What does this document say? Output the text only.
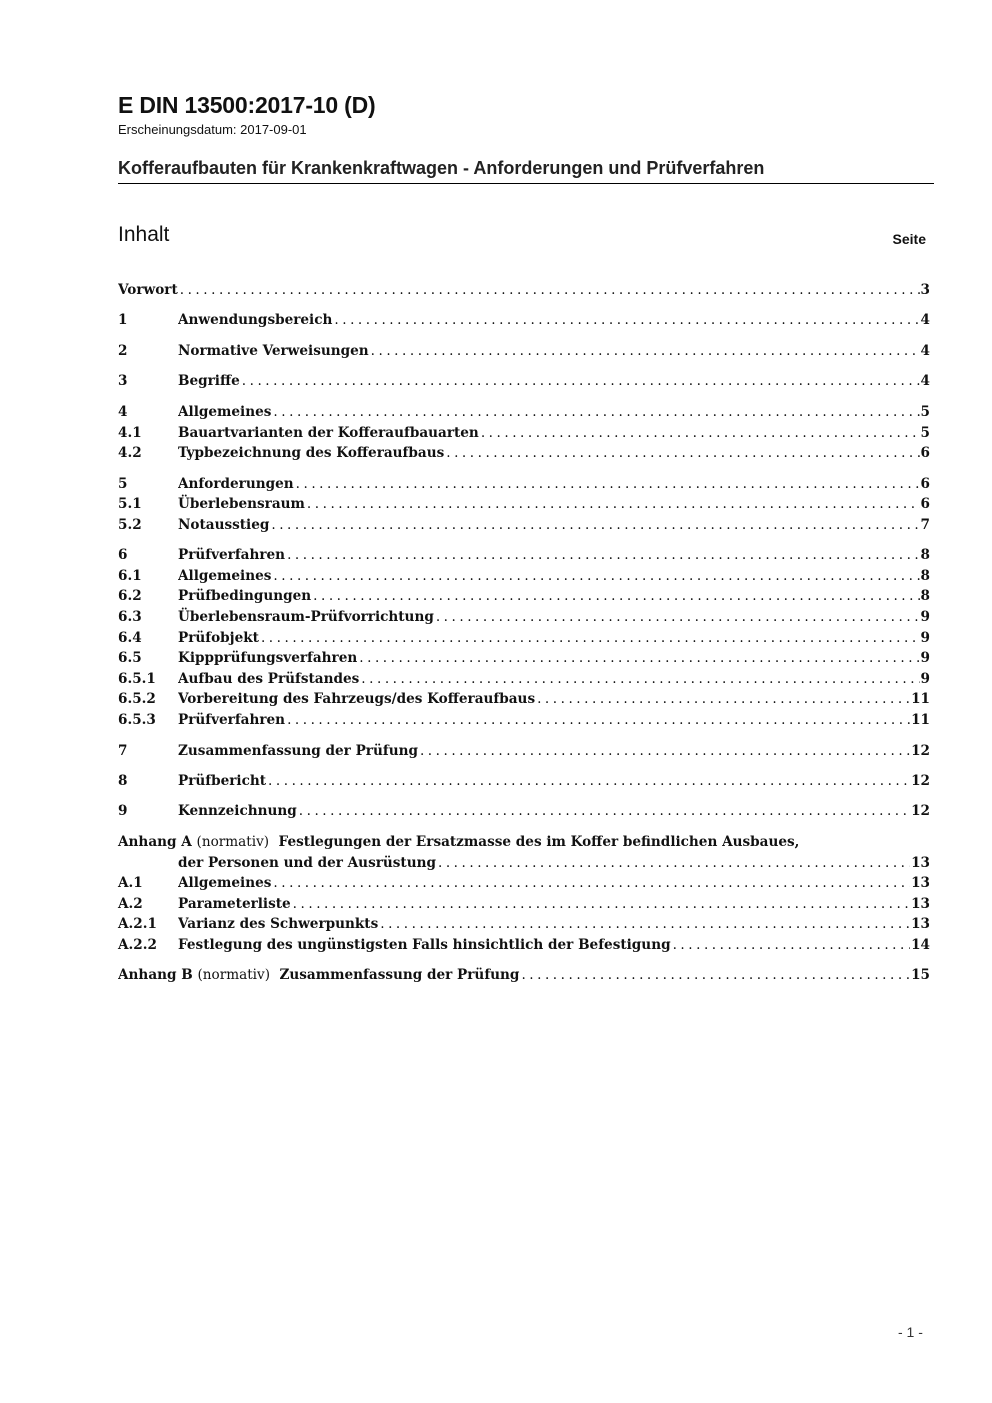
E DIN 13500:2017-10 (D)
Erscheinungsdatum: 2017-09-01
Kofferaufbauten für Krankenkraftwagen - Anforderungen und Prüfverfahren
Inhalt	Seite
Vorwort . . .	3
1	Anwendungsbereich . . .	4
2	Normative Verweisungen . . .	4
3	Begriffe . . .	4
4	Allgemeines . . .	5
4.1	Bauartvarianten der Kofferaufbauarten . . .	5
4.2	Typbezeichnung des Kofferaufbaus . . .	6
5	Anforderungen . . .	6
5.1	Überlebensraum . . .	6
5.2	Notausstieg . . .	7
6	Prüfverfahren . . .	8
6.1	Allgemeines . . .	8
6.2	Prüfbedingungen . . .	8
6.3	Überlebensraum-Prüfvorrichtung . . .	9
6.4	Prüfobjekt . . .	9
6.5	Kippprüfungsverfahren . . .	9
6.5.1 Aufbau des Prüfstandes . . .	9
6.5.2 Vorbereitung des Fahrzeugs/des Kofferaufbaus . . .	11
6.5.3 Prüfverfahren . . .	11
7	Zusammenfassung der Prüfung . . .	12
8	Prüfbericht . . .	12
9	Kennzeichnung . . .	12
Anhang A (normativ) Festlegungen der Ersatzmasse des im Koffer befindlichen Ausbaues,
der Personen und der Ausrüstung . . .	13
A.1	Allgemeines . . .	13
A.2	Parameterliste . . .	13
A.2.1 Varianz des Schwerpunkts . . .	13
A.2.2 Festlegung des ungünstigsten Falls hinsichtlich der Befestigung . . .	14
Anhang B (normativ) Zusammenfassung der Prüfung . . .	15
- 1 -
